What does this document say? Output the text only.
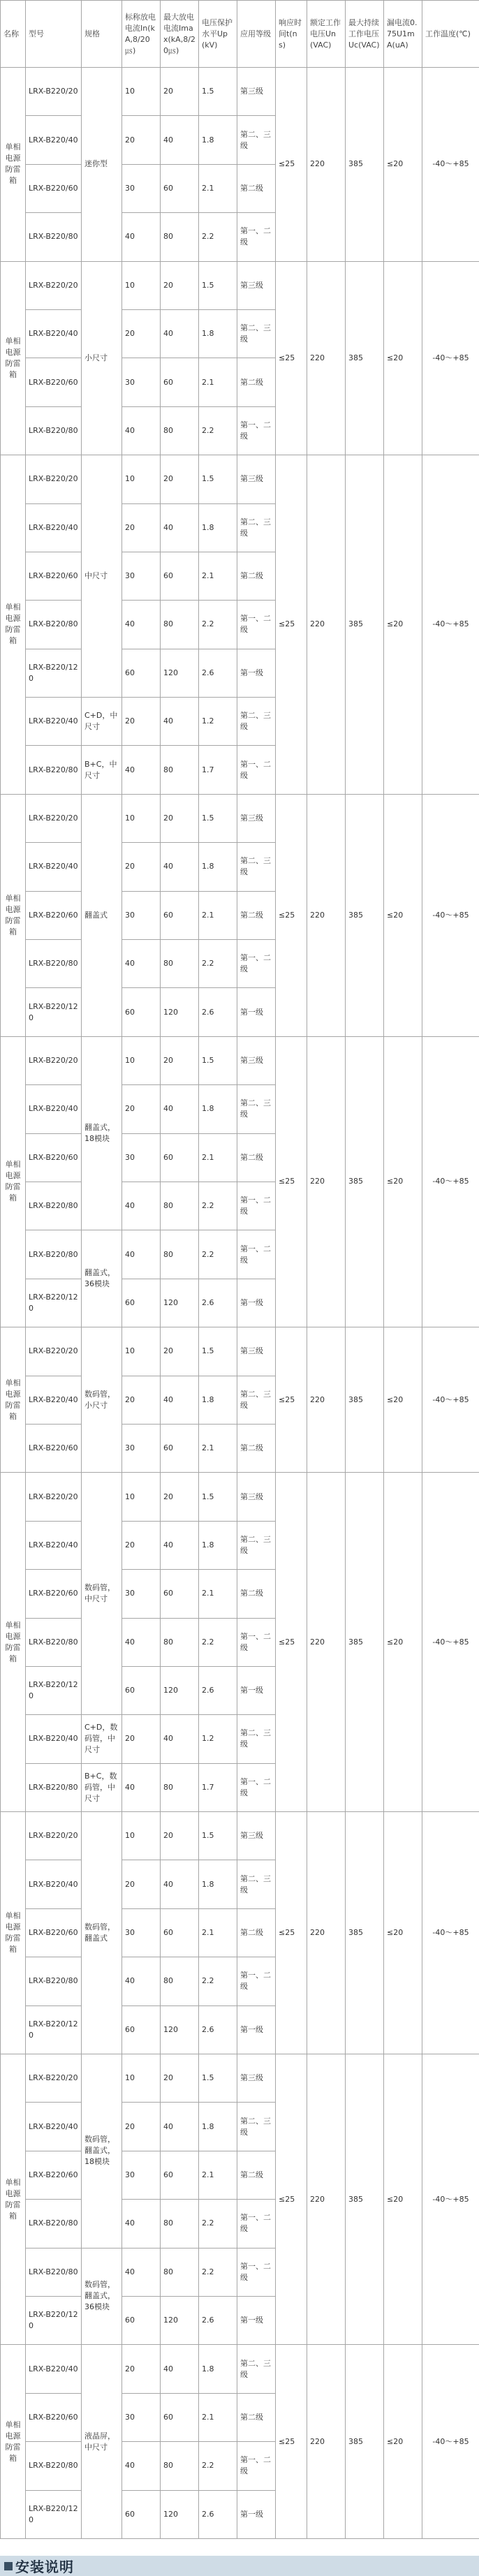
名称	型号	规格	标称放电电流In(kA,8/20㎲)	最大放电电流Imax(kA,8/20㎲)	电压保护水平Up(kV)	应用等级	响应时间t(ns)	额定工作电压Un(VAC)	最大持续工作电压Uc(VAC)	漏电流0.75U1mA(uA)	工作温度(℃)
单相电源防雷箱	LRX-B220/20	迷你型	10	20	1.5	第三级	≤25	220	385	≤20	-40～+85
	LRX-B220/40		20	40	1.8	第二、三级					
	LRX-B220/60		30	60	2.1	第二级					
	LRX-B220/80		40	80	2.2	第一、二级					
单相电源防雷箱	LRX-B220/20	小尺寸	10	20	1.5	第三级	≤25	220	385	≤20	-40～+85
	LRX-B220/40		20	40	1.8	第二、三级					
	LRX-B220/60		30	60	2.1	第二级					
	LRX-B220/80		40	80	2.2	第一、二级					
单相电源防雷箱	LRX-B220/20	中尺寸	10	20	1.5	第三级	≤25	220	385	≤20	-40～+85
	LRX-B220/40		20	40	1.8	第二、三级					
	LRX-B220/60		30	60	2.1	第二级					
	LRX-B220/80		40	80	2.2	第一、二级					
	LRX-B220/120		60	120	2.6	第一级					
	LRX-B220/40	C+D，中尺寸	20	40	1.2	第二、三级					
	LRX-B220/80	B+C，中尺寸	40	80	1.7	第一、二级					
单相电源防雷箱	LRX-B220/20	翻盖式	10	20	1.5	第三级	≤25	220	385	≤20	-40～+85
	LRX-B220/40		20	40	1.8	第二、三级					
	LRX-B220/60		30	60	2.1	第二级					
	LRX-B220/80		40	80	2.2	第一、二级					
	LRX-B220/120		60	120	2.6	第一级					
单相电源防雷箱	LRX-B220/20	翻盖式，18模块	10	20	1.5	第三级	≤25	220	385	≤20	-40～+85
	LRX-B220/40		20	40	1.8	第二、三级					
	LRX-B220/60		30	60	2.1	第二级					
	LRX-B220/80		40	80	2.2	第一、二级					
	LRX-B220/80	翻盖式，36模块	40	80	2.2	第一、二级					
	LRX-B220/120		60	120	2.6	第一级					
单相电源防雷箱	LRX-B220/20	数码管，小尺寸	10	20	1.5	第三级	≤25	220	385	≤20	-40～+85
	LRX-B220/40		20	40	1.8	第二、三级					
	LRX-B220/60		30	60	2.1	第二级					
单相电源防雷箱	LRX-B220/20	数码管，中尺寸	10	20	1.5	第三级	≤25	220	385	≤20	-40～+85
	LRX-B220/40		20	40	1.8	第二、三级					
	LRX-B220/60		30	60	2.1	第二级					
	LRX-B220/80		40	80	2.2	第一、二级					
	LRX-B220/120		60	120	2.6	第一级					
	LRX-B220/40	C+D，数码管，中尺寸	20	40	1.2	第二、三级					
	LRX-B220/80	B+C，数码管，中尺寸	40	80	1.7	第一、二级					
单相电源防雷箱	LRX-B220/20	数码管，翻盖式	10	20	1.5	第三级	≤25	220	385	≤20	-40～+85
	LRX-B220/40		20	40	1.8	第二、三级					
	LRX-B220/60		30	60	2.1	第二级					
	LRX-B220/80		40	80	2.2	第一、二级					
	LRX-B220/120		60	120	2.6	第一级					
单相电源防雷箱	LRX-B220/20	数码管，翻盖式，18模块	10	20	1.5	第三级	≤25	220	385	≤20	-40～+85
	LRX-B220/40		20	40	1.8	第二、三级					
	LRX-B220/60		30	60	2.1	第二级					
	LRX-B220/80		40	80	2.2	第一、二级					
	LRX-B220/80	数码管，翻盖式，36模块	40	80	2.2	第一、二级					
	LRX-B220/120		60	120	2.6	第一级					
单相电源防雷箱	LRX-B220/40	液晶屏，中尺寸	20	40	1.8	第二、三级	≤25	220	385	≤20	-40～+85
	LRX-B220/60		30	60	2.1	第二级					
	LRX-B220/80		40	80	2.2	第一、二级					
	LRX-B220/120		60	120	2.6	第一级					
安装说明
